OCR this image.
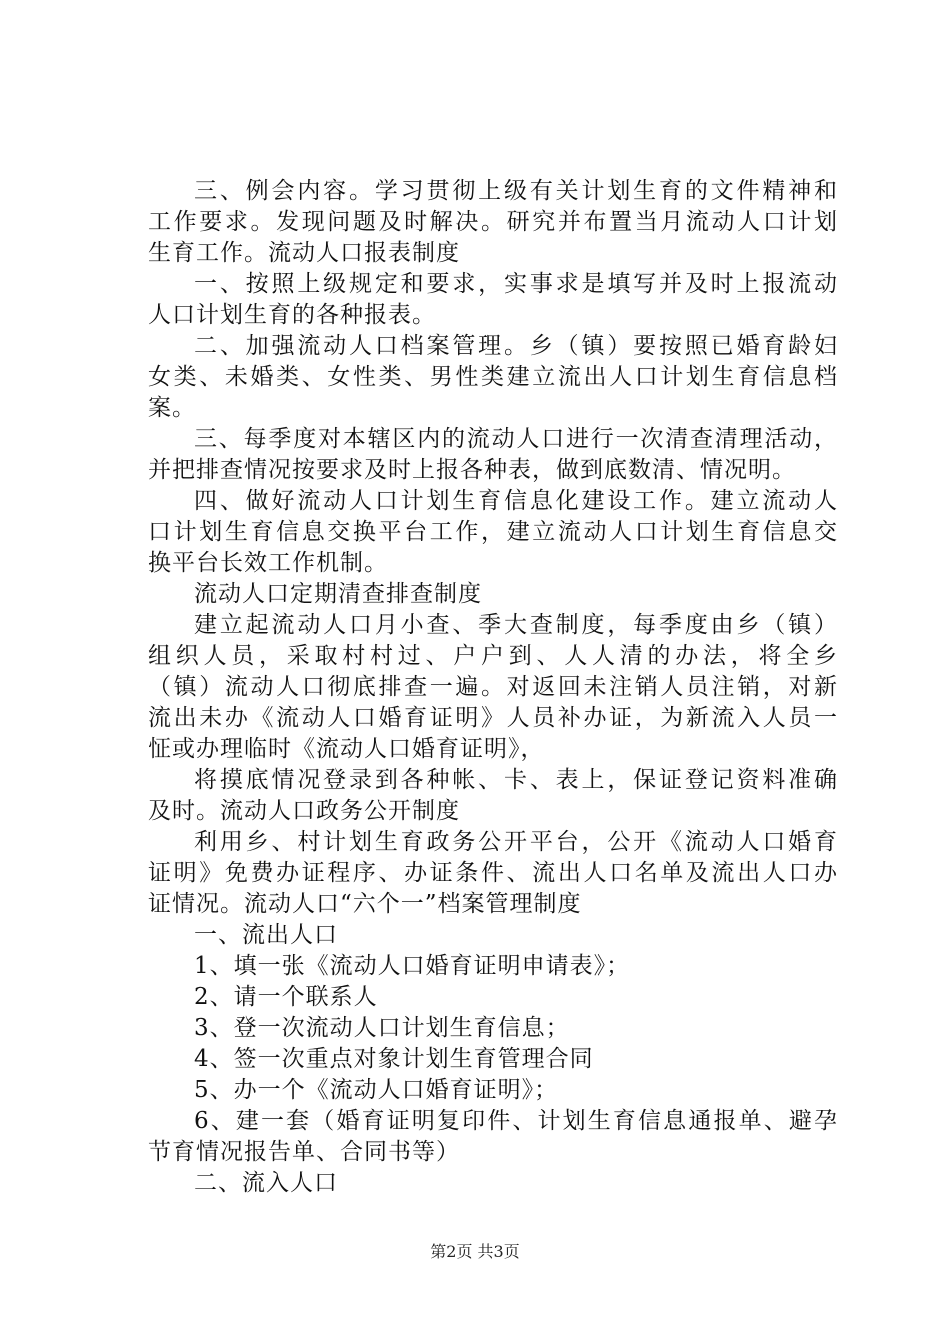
三、例会内容。学习贯彻上级有关计划生育的文件精神和
工作要求。发现问题及时解决。研究并布置当月流动人口计划
生育工作。流动人口报表制度
一、按照上级规定和要求，实事求是填写并及时上报流动
人口计划生育的各种报表。
二、加强流动人口档案管理。乡（镇）要按照已婚育龄妇
女类、未婚类、女性类、男性类建立流出人口计划生育信息档
案。
三、每季度对本辖区内的流动人口进行一次清查清理活动，
并把排查情况按要求及时上报各种表，做到底数清、情况明。
四、做好流动人口计划生育信息化建设工作。建立流动人
口计划生育信息交换平台工作，建立流动人口计划生育信息交
换平台长效工作机制。
流动人口定期清查排查制度
建立起流动人口月小查、季大查制度，每季度由乡（镇）
组织人员，采取村村过、户户到、人人清的办法，将全乡
（镇）流动人口彻底排查一遍。对返回未注销人员注销，对新
流出未办《流动人口婚育证明》人员补办证，为新流入人员一
怔或办理临时《流动人口婚育证明》，
将摸底情况登录到各种帐、卡、表上，保证登记资料准确
及时。流动人口政务公开制度
利用乡、村计划生育政务公开平台，公开《流动人口婚育
证明》免费办证程序、办证条件、流出人口名单及流出人口办
证情况。流动人口“六个一”档案管理制度
一、流出人口
1、填一张《流动人口婚育证明申请表》；
2、请一个联系人
3、登一次流动人口计划生育信息；
4、签一次重点对象计划生育管理合同
5、办一个《流动人口婚育证明》；
6、建一套（婚育证明复印件、计划生育信息通报单、避孕
节育情况报告单、合同书等）
二、流入人口
第2页 共3页
